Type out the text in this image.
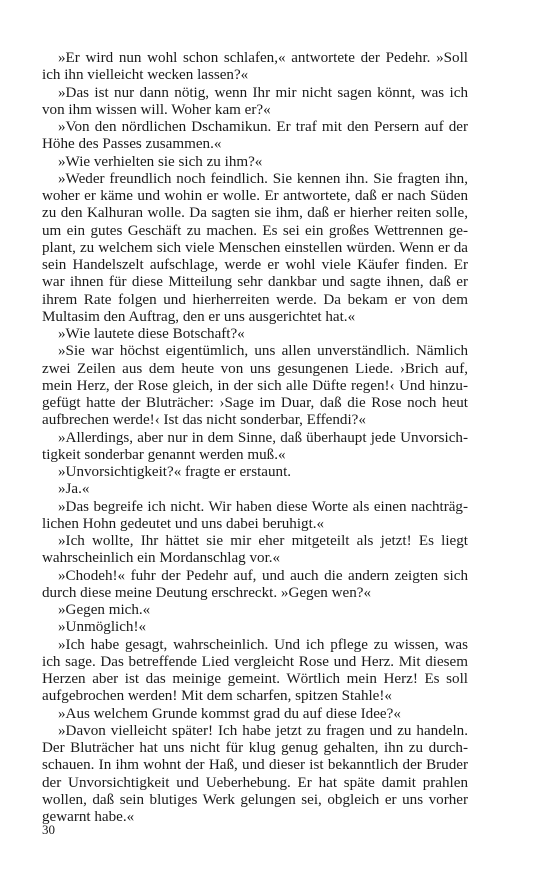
»Er wird nun wohl schon schlafen,« antwortete der Pedehr. »Soll ich ihn vielleicht wecken lassen?«

»Das ist nur dann nötig, wenn Ihr mir nicht sagen könnt, was ich von ihm wissen will. Woher kam er?«

»Von den nördlichen Dschamikun. Er traf mit den Persern auf der Höhe des Passes zusammen.«

»Wie verhielten sie sich zu ihm?«

»Weder freundlich noch feindlich. Sie kennen ihn. Sie fragten ihn, woher er käme und wohin er wolle. Er antwortete, daß er nach Süden zu den Kalhuran wolle. Da sagten sie ihm, daß er hierher reiten solle, um ein gutes Geschäft zu machen. Es sei ein großes Wettrennen geplant, zu welchem sich viele Menschen einstellen würden. Wenn er da sein Handelszelt aufschlage, werde er wohl viele Käufer finden. Er war ihnen für diese Mitteilung sehr dankbar und sagte ihnen, daß er ihrem Rate folgen und hierherreiten werde. Da bekam er von dem Multasim den Auftrag, den er uns ausgerichtet hat.«

»Wie lautete diese Botschaft?«

»Sie war höchst eigentümlich, uns allen unverständlich. Nämlich zwei Zeilen aus dem heute von uns gesungenen Liede. ›Brich auf, mein Herz, der Rose gleich, in der sich alle Düfte regen!‹ Und hinzugefügt hatte der Bluträcher: ›Sage im Duar, daß die Rose noch heut aufbrechen werde!‹ Ist das nicht sonderbar, Effendi?«

»Allerdings, aber nur in dem Sinne, daß überhaupt jede Unvorsichtigkeit sonderbar genannt werden muß.«

»Unvorsichtigkeit?« fragte er erstaunt.

»Ja.«

»Das begreife ich nicht. Wir haben diese Worte als einen nachträglichen Hohn gedeutet und uns dabei beruhigt.«

»Ich wollte, Ihr hättet sie mir eher mitgeteilt als jetzt! Es liegt wahrscheinlich ein Mordanschlag vor.«

»Chodeh!« fuhr der Pedehr auf, und auch die andern zeigten sich durch diese meine Deutung erschreckt. »Gegen wen?«

»Gegen mich.«

»Unmöglich!«

»Ich habe gesagt, wahrscheinlich. Und ich pflege zu wissen, was ich sage. Das betreffende Lied vergleicht Rose und Herz. Mit diesem Herzen aber ist das meinige gemeint. Wörtlich mein Herz! Es soll aufgebrochen werden! Mit dem scharfen, spitzen Stahle!«

»Aus welchem Grunde kommst grad du auf diese Idee?«

»Davon vielleicht später! Ich habe jetzt zu fragen und zu handeln. Der Bluträcher hat uns nicht für klug genug gehalten, ihn zu durchschauen. In ihm wohnt der Haß, und dieser ist bekanntlich der Bruder der Unvorsichtigkeit und Ueberhebung. Er hat späte damit prahlen wollen, daß sein blutiges Werk gelungen sei, obgleich er uns vorher gewarnt habe.«

30
